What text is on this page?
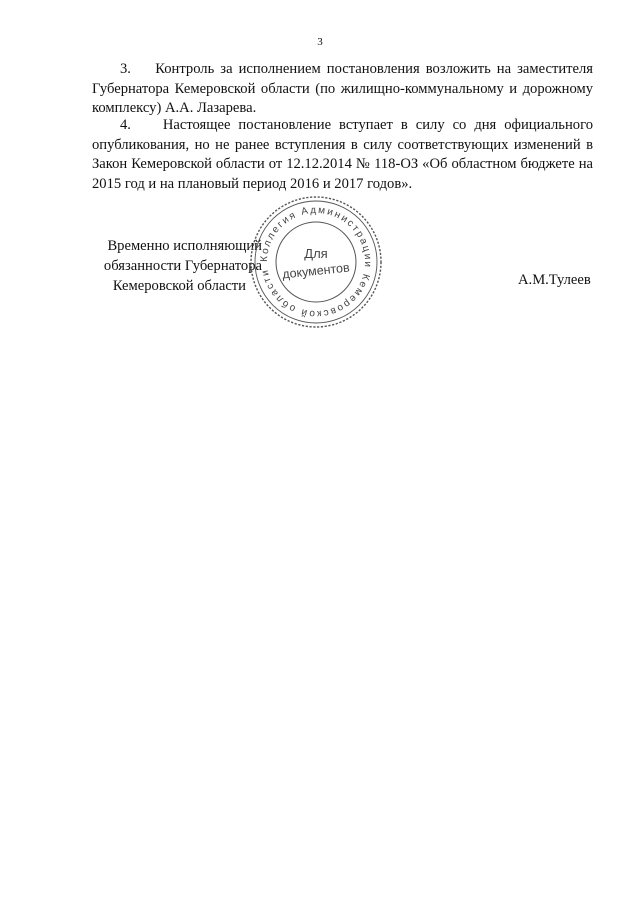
3

3. Контроль за исполнением постановления возложить на заместителя Губернатора Кемеровской области (по жилищно-коммунальному и дорожному комплексу) А.А. Лазарева.

4. Настоящее постановление вступает в силу со дня официального опубликования, но не ранее вступления в силу соответствующих изменений в Закон Кемеровской области от 12.12.2014 № 118-ОЗ «Об областном бюджете на 2015 год и на плановый период 2016 и 2017 годов».

Временно исполняющий
обязанности Губернатора
Кемеровской области	А.М.Тулеев
Коллегия Администрации Кемеровской области
Для
документов
